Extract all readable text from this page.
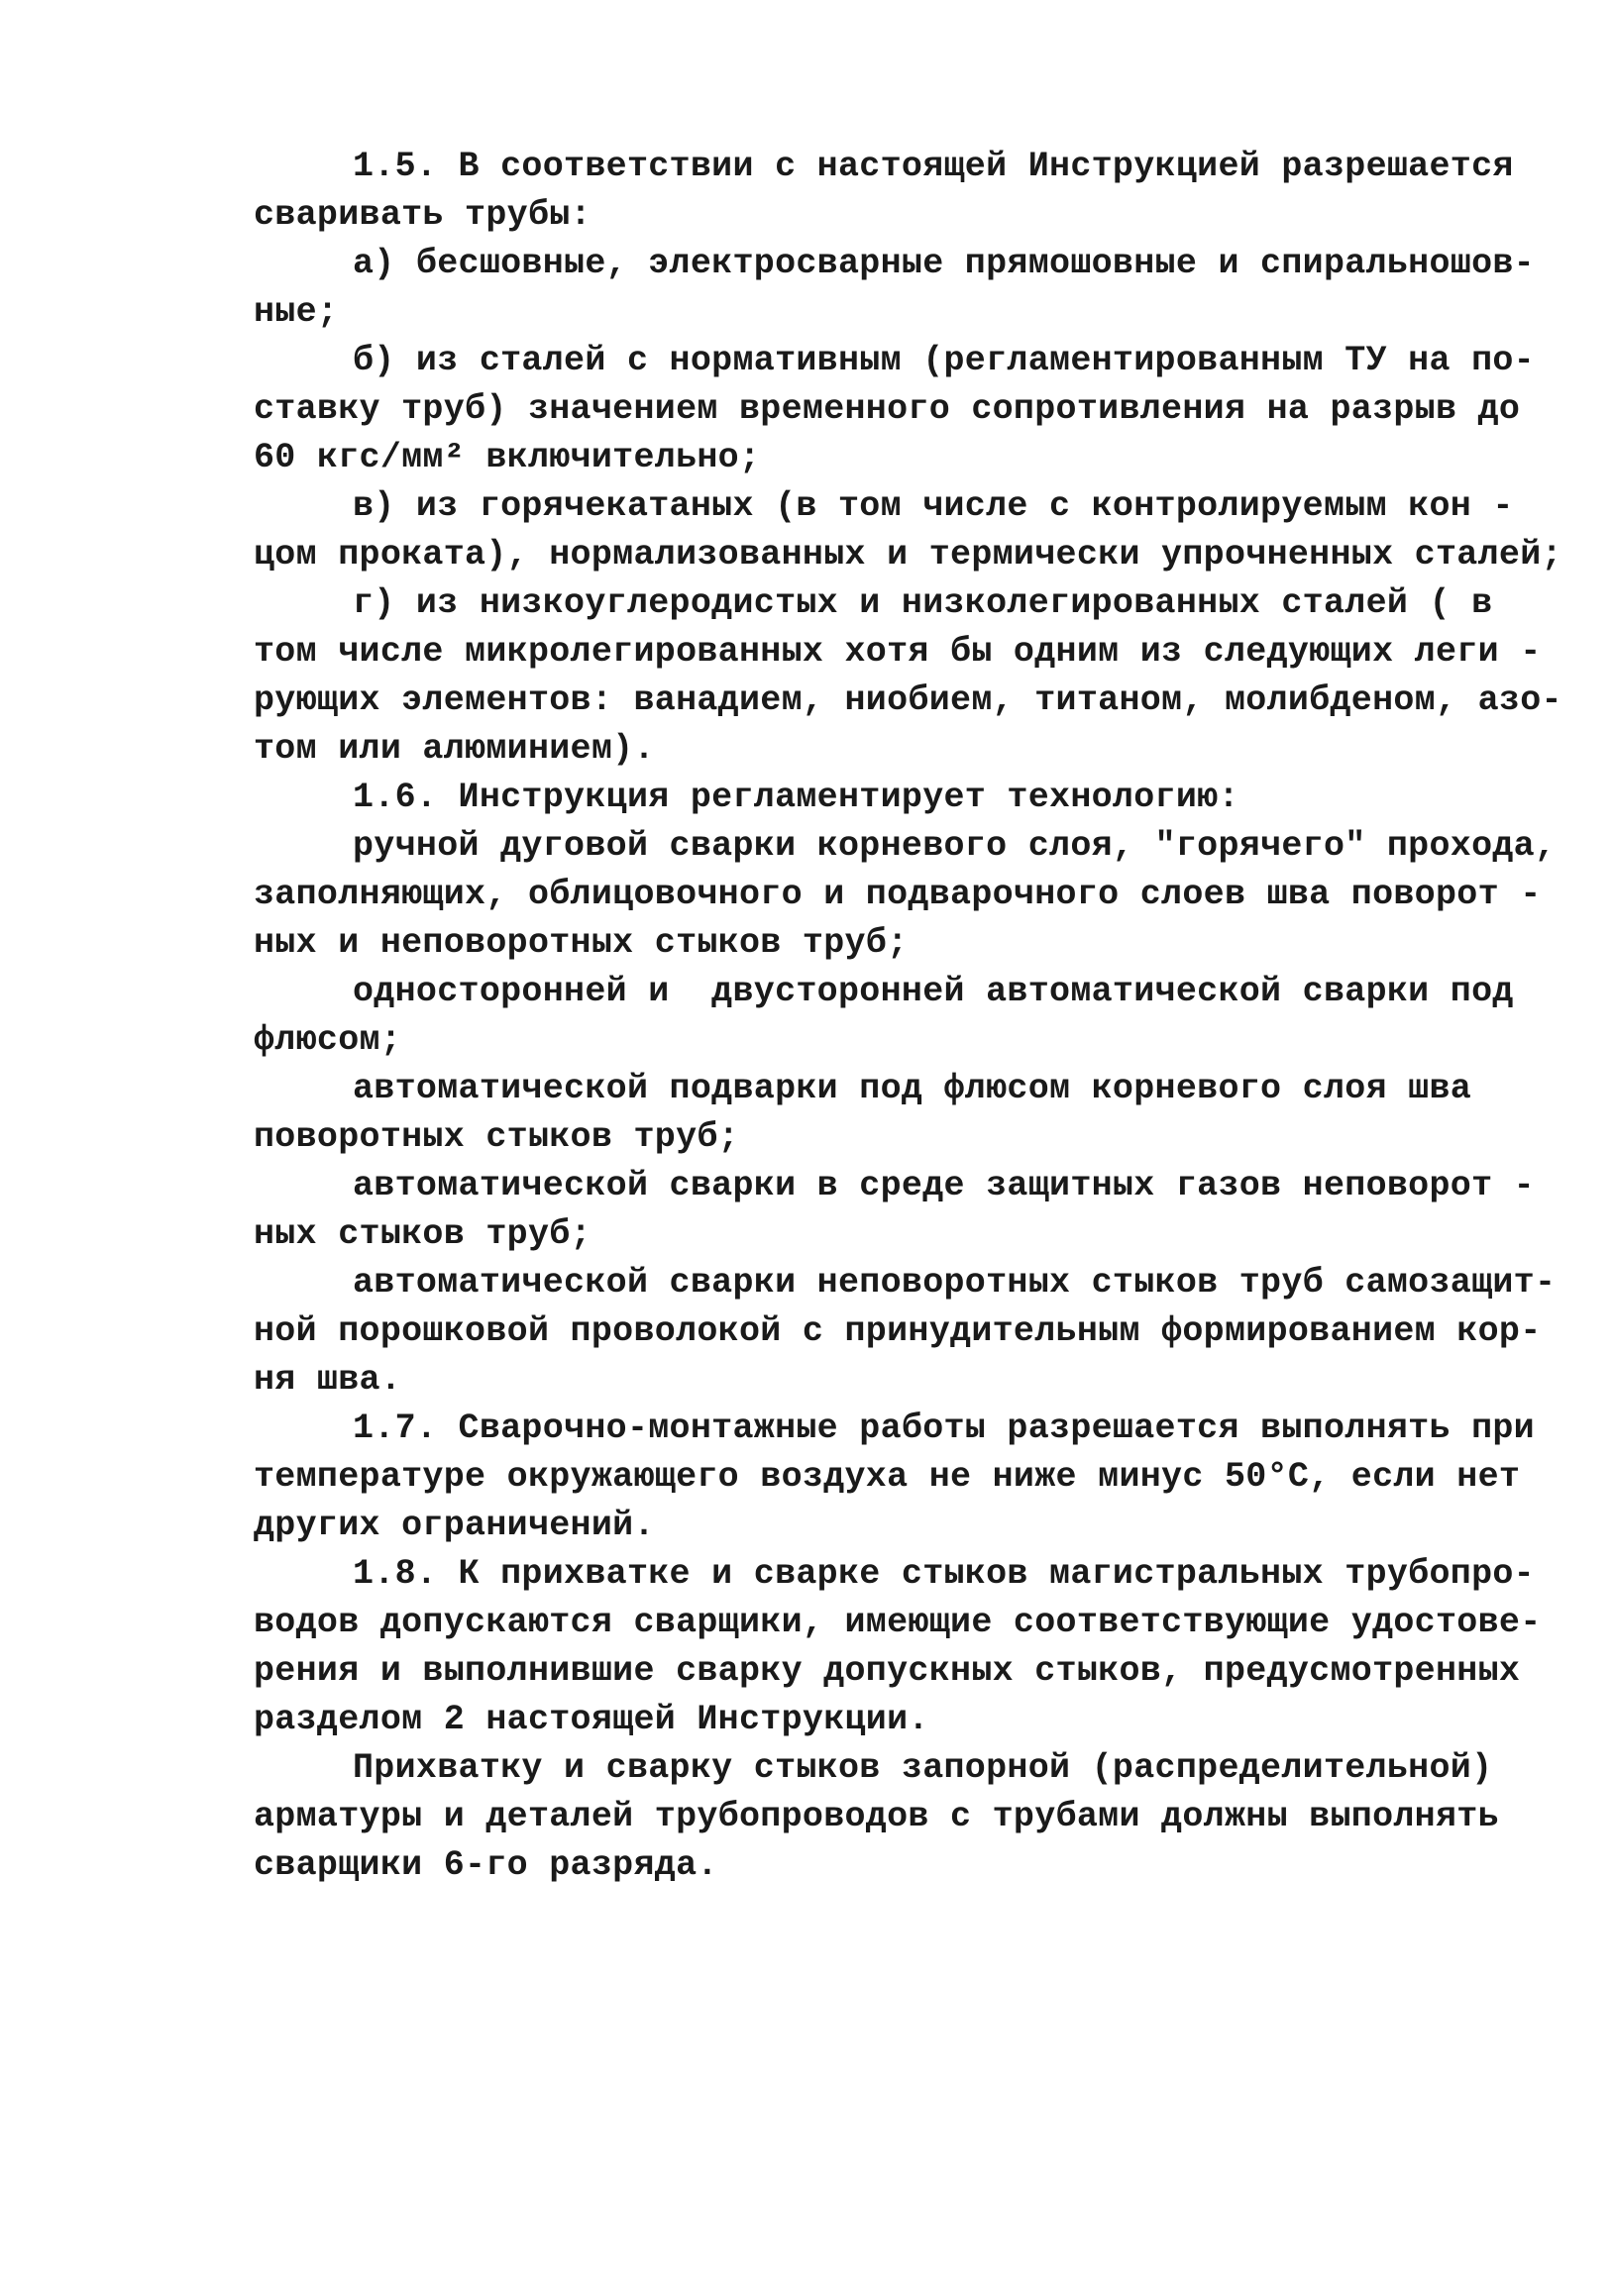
1.5. В соответствии с настоящей Инструкцией разрешается
сваривать трубы:
а) бесшовные, электросварные прямошовные и спиральношов-
ные;
б) из сталей с нормативным (регламентированным ТУ на по-
ставку труб) значением временного сопротивления на разрыв до
60 кгс/мм² включительно;
в) из горячекатаных (в том числе с контролируемым кон -
цом проката), нормализованных и термически упрочненных сталей;
г) из низкоуглеродистых и низколегированных сталей ( в
том числе микролегированных хотя бы одним из следующих леги -
рующих элементов: ванадием, ниобием, титаном, молибденом, азо-
том или алюминием).
1.6. Инструкция регламентирует технологию:
ручной дуговой сварки корневого слоя, "горячего" прохода,
заполняющих, облицовочного и подварочного слоев шва поворот -
ных и неповоротных стыков труб;
односторонней и  двусторонней автоматической сварки под
флюсом;
автоматической подварки под флюсом корневого слоя шва
поворотных стыков труб;
автоматической сварки в среде защитных газов неповорот -
ных стыков труб;
автоматической сварки неповоротных стыков труб самозащит-
ной порошковой проволокой с принудительным формированием кор-
ня шва.
1.7. Сварочно-монтажные работы разрешается выполнять при
температуре окружающего воздуха не ниже минус 50°С, если нет
других ограничений.
1.8. К прихватке и сварке стыков магистральных трубопро-
водов допускаются сварщики, имеющие соответствующие удостове-
рения и выполнившие сварку допускных стыков, предусмотренных
разделом 2 настоящей Инструкции.
Прихватку и сварку стыков запорной (распределительной)
арматуры и деталей трубопроводов с трубами должны выполнять
сварщики 6-го разряда.
